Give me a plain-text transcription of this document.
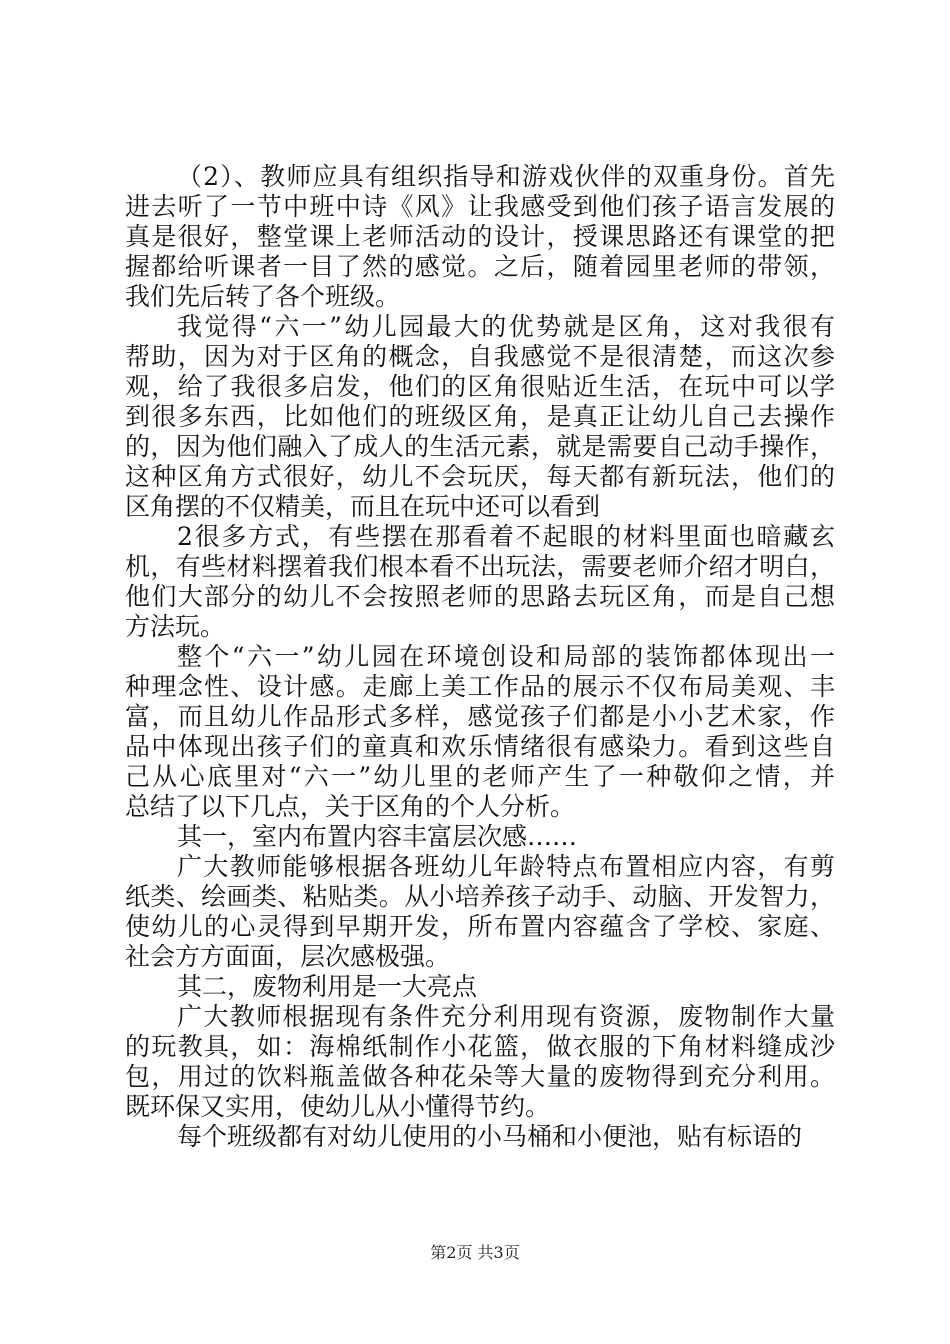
（2）、教师应具有组织指导和游戏伙伴的双重身份。首先
进去听了一节中班中诗《风》让我感受到他们孩子语言发展的
真是很好，整堂课上老师活动的设计，授课思路还有课堂的把
握都给听课者一目了然的感觉。之后，随着园里老师的带领，
我们先后转了各个班级。
我觉得“六一”幼儿园最大的优势就是区角，这对我很有
帮助，因为对于区角的概念，自我感觉不是很清楚，而这次参
观，给了我很多启发，他们的区角很贴近生活，在玩中可以学
到很多东西，比如他们的班级区角，是真正让幼儿自己去操作
的，因为他们融入了成人的生活元素，就是需要自己动手操作，
这种区角方式很好，幼儿不会玩厌，每天都有新玩法，他们的
区角摆的不仅精美，而且在玩中还可以看到
2很多方式，有些摆在那看着不起眼的材料里面也暗藏玄
机，有些材料摆着我们根本看不出玩法，需要老师介绍才明白，
他们大部分的幼儿不会按照老师的思路去玩区角，而是自己想
方法玩。
整个“六一”幼儿园在环境创设和局部的装饰都体现出一
种理念性、设计感。走廊上美工作品的展示不仅布局美观、丰
富，而且幼儿作品形式多样，感觉孩子们都是小小艺术家，作
品中体现出孩子们的童真和欢乐情绪很有感染力。看到这些自
己从心底里对“六一”幼儿里的老师产生了一种敬仰之情，并
总结了以下几点，关于区角的个人分析。
其一，室内布置内容丰富层次感……
广大教师能够根据各班幼儿年龄特点布置相应内容，有剪
纸类、绘画类、粘贴类。从小培养孩子动手、动脑、开发智力，
使幼儿的心灵得到早期开发，所布置内容蕴含了学校、家庭、
社会方方面面，层次感极强。
其二，废物利用是一大亮点
广大教师根据现有条件充分利用现有资源，废物制作大量
的玩教具，如：海棉纸制作小花篮，做衣服的下角材料缝成沙
包，用过的饮料瓶盖做各种花朵等大量的废物得到充分利用。
既环保又实用，使幼儿从小懂得节约。
每个班级都有对幼儿使用的小马桶和小便池，贴有标语的
第2页 共3页
